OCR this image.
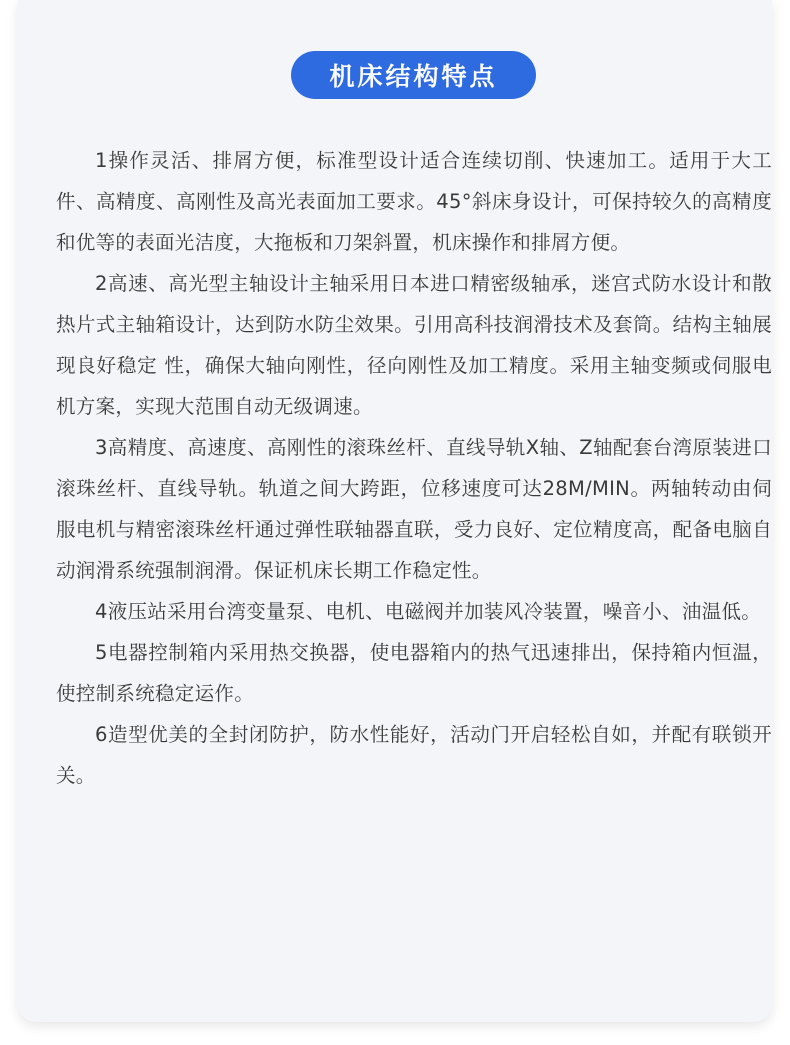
机床结构特点

1操作灵活、排屑方便，标准型设计适合连续切削、快速加工。适用于大工件、高精度、高刚性及高光表面加工要求。45°斜床身设计，可保持较久的高精度和优等的表面光洁度，大拖板和刀架斜置，机床操作和排屑方便。

2高速、高光型主轴设计主轴采用日本进口精密级轴承，迷宫式防水设计和散热片式主轴箱设计，达到防水防尘效果。引用高科技润滑技术及套筒。结构主轴展现良好稳定 性，确保大轴向刚性，径向刚性及加工精度。采用主轴变频或伺服电机方案，实现大范围自动无级调速。

3高精度、高速度、高刚性的滚珠丝杆、直线导轨X轴、Z轴配套台湾原装进口滚珠丝杆、直线导轨。轨道之间大跨距，位移速度可达28M/MIN。两轴转动由伺服电机与精密滚珠丝杆通过弹性联轴器直联，受力良好、定位精度高，配备电脑自动润滑系统强制润滑。保证机床长期工作稳定性。

4液压站采用台湾变量泵、电机、电磁阀并加装风冷装置，噪音小、油温低。

5电器控制箱内采用热交换器，使电器箱内的热气迅速排出，保持箱内恒温，使控制系统稳定运作。

6造型优美的全封闭防护，防水性能好，活动门开启轻松自如，并配有联锁开关。
